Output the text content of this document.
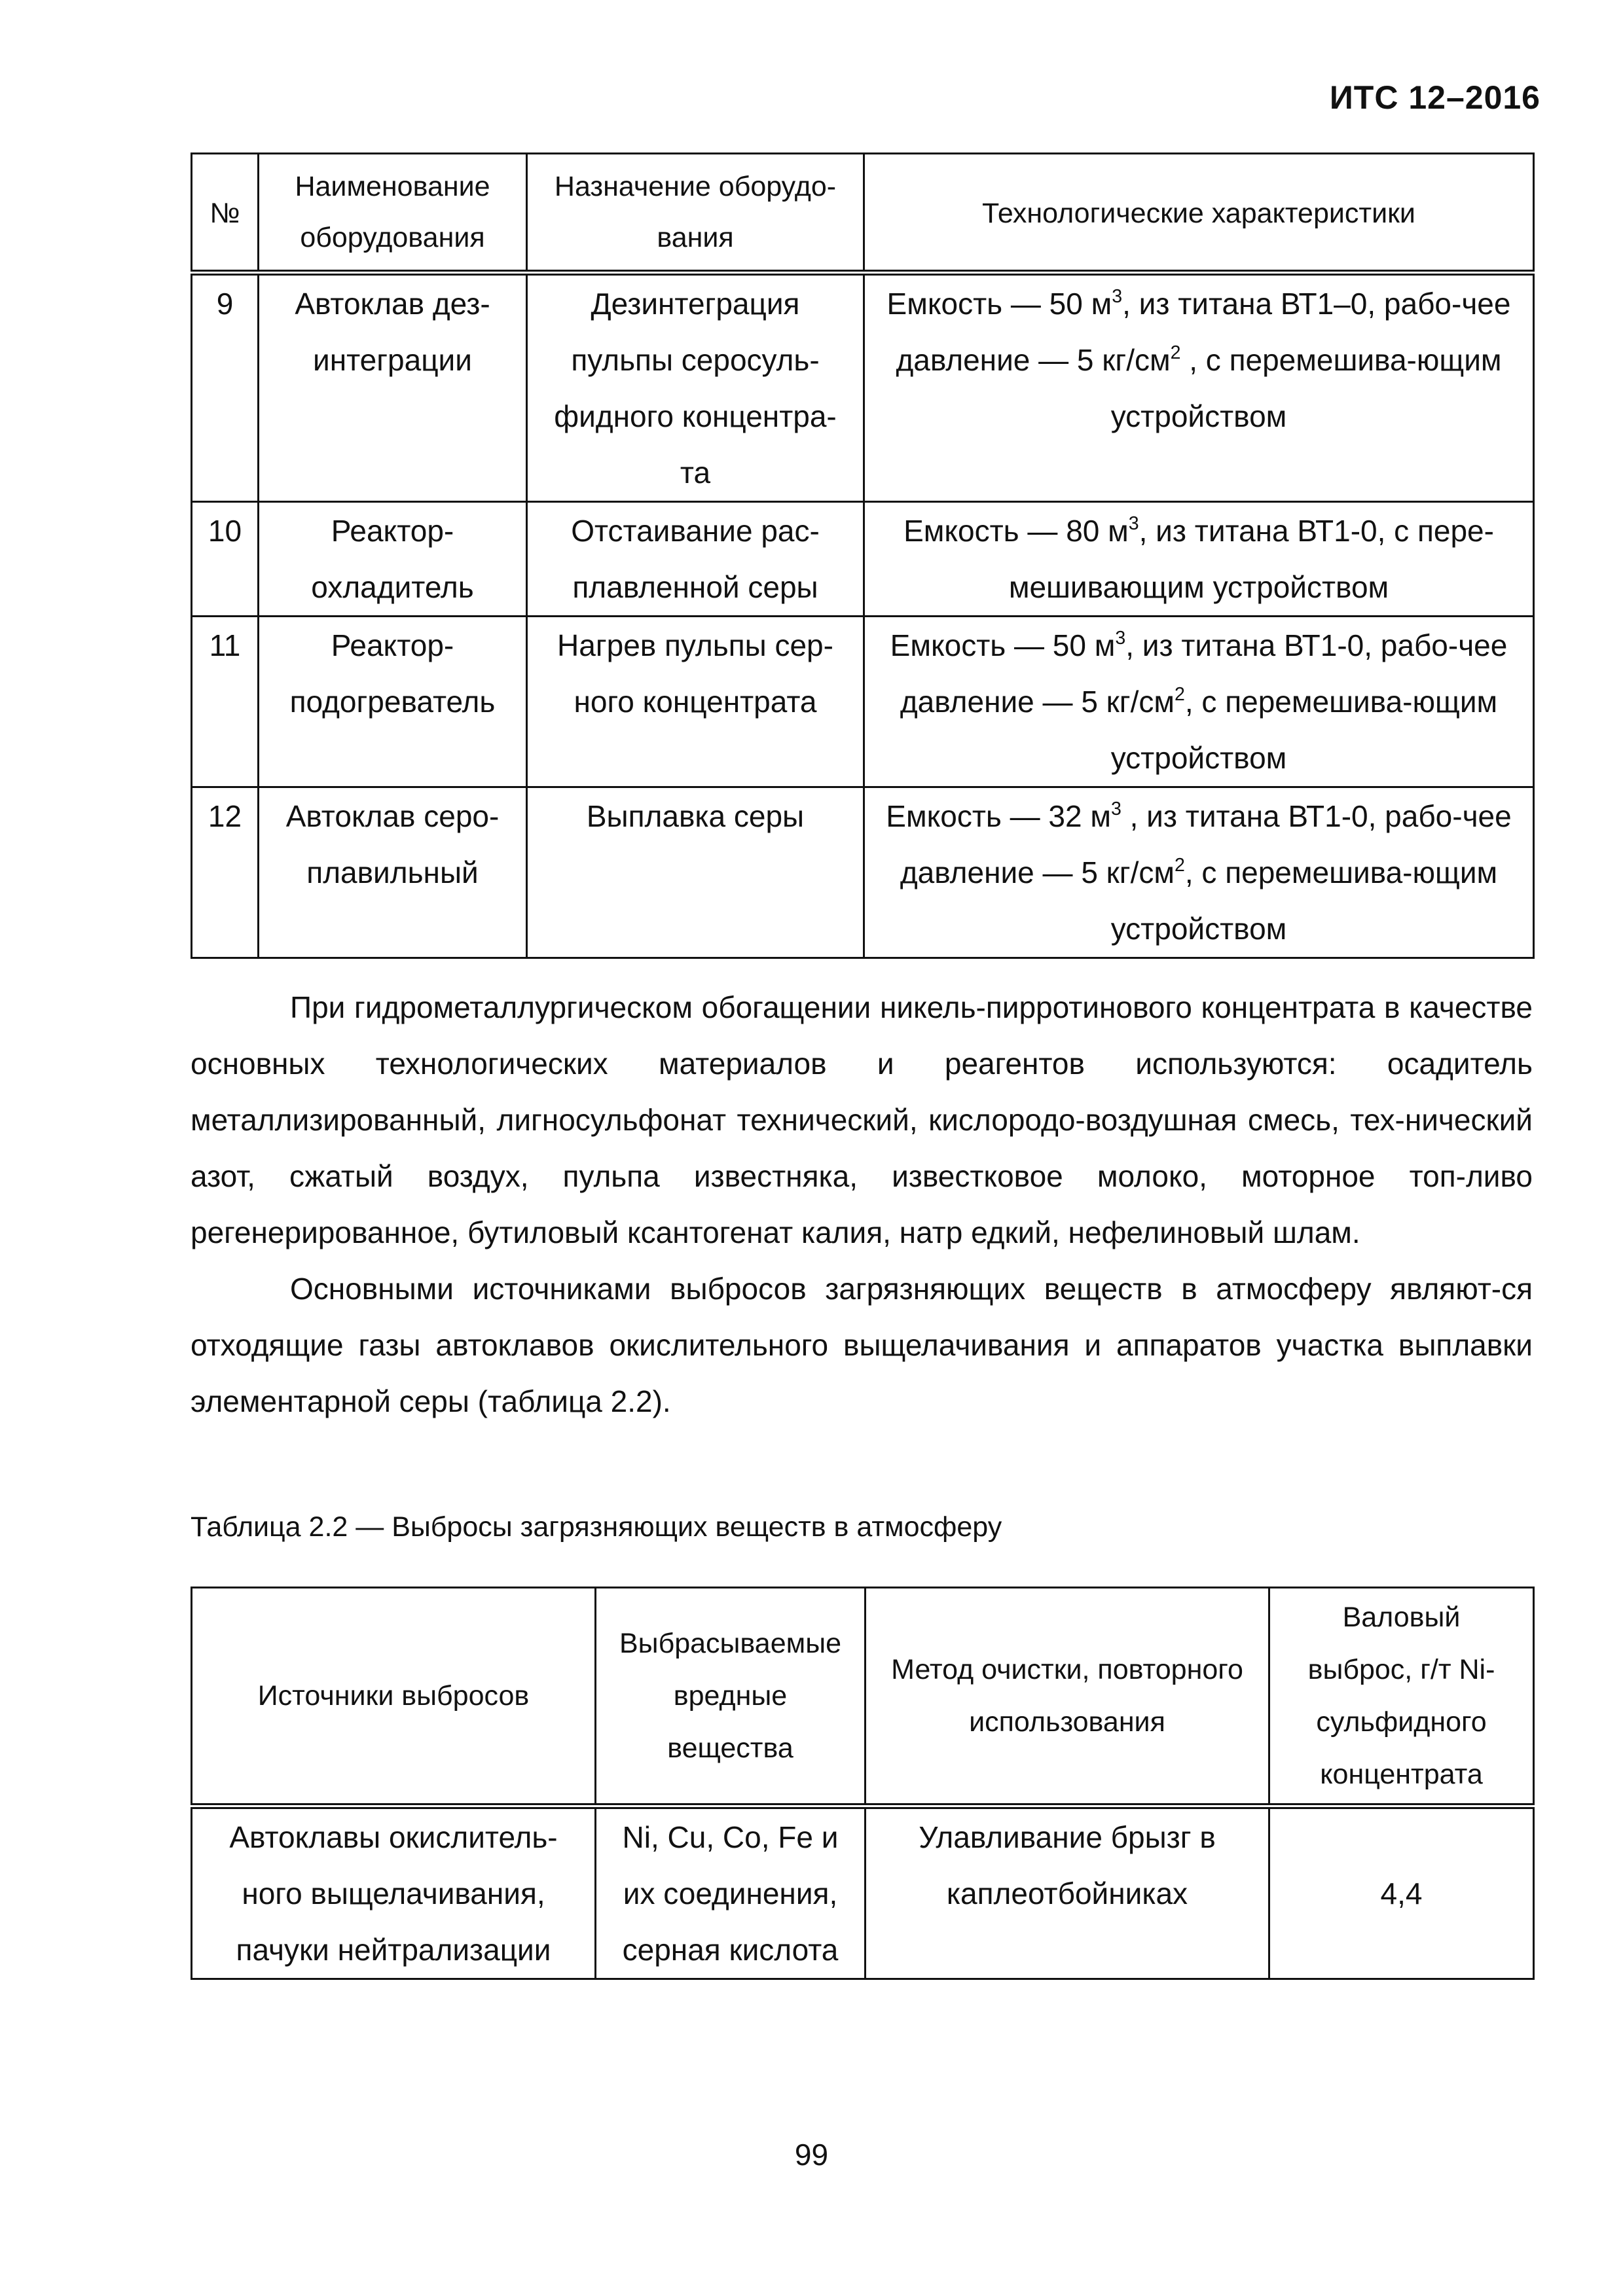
ИТС 12–2016
№	Наименование оборудования	Назначение оборудо-вания	Технологические характеристики
9	Автоклав дез-интеграции	Дезинтеграция пульпы серосуль-фидного концентра-та	Емкость — 50 $м^3$, из титана ВТ1–0, рабо-чее давление — 5 $кг/см^2$ , с перемешива-ющим устройством
10	Реактор-охладитель	Отстаивание рас-плавленной серы	Емкость — 80 $м^3$, из титана ВТ1-0, с пере-мешивающим устройством
11	Реактор-подогреватель	Нагрев пульпы сер-ного концентрата	Емкость — 50 $м^3$, из титана ВТ1-0, рабо-чее давление — 5 $кг/см^2$, с перемешива-ющим устройством
12	Автоклав серо-плавильный	Выплавка серы	Емкость — 32 $м^3$ , из титана ВТ1-0, рабо-чее давление — 5 $кг/см^2$, с перемешива-ющим устройством

При гидрометаллургическом обогащении никель-пирротинового концентрата в качестве основных технологических материалов и реагентов используются: осадитель металлизированный, лигносульфонат технический, кислородо-воздушная смесь, тех-нический азот, сжатый воздух, пульпа известняка, известковое молоко, моторное топ-ливо регенерированное, бутиловый ксантогенат калия, натр едкий, нефелиновый шлам.

Основными источниками выбросов загрязняющих веществ в атмосферу являют-ся отходящие газы автоклавов окислительного выщелачивания и аппаратов участка выплавки элементарной серы (таблица 2.2).

Таблица 2.2 — Выбросы загрязняющих веществ в атмосферу
Источники выбросов	Выбрасываемые вредные вещества	Метод очистки, повторного использования	Валовый выброс, г/т Ni-сульфидного концентрата
Автоклавы окислитель-ного выщелачивания, пачуки нейтрализации	Ni, Cu, Co, Fe и их соединения, серная кислота	Улавливание брызг в каплеотбойниках	4,4
99
